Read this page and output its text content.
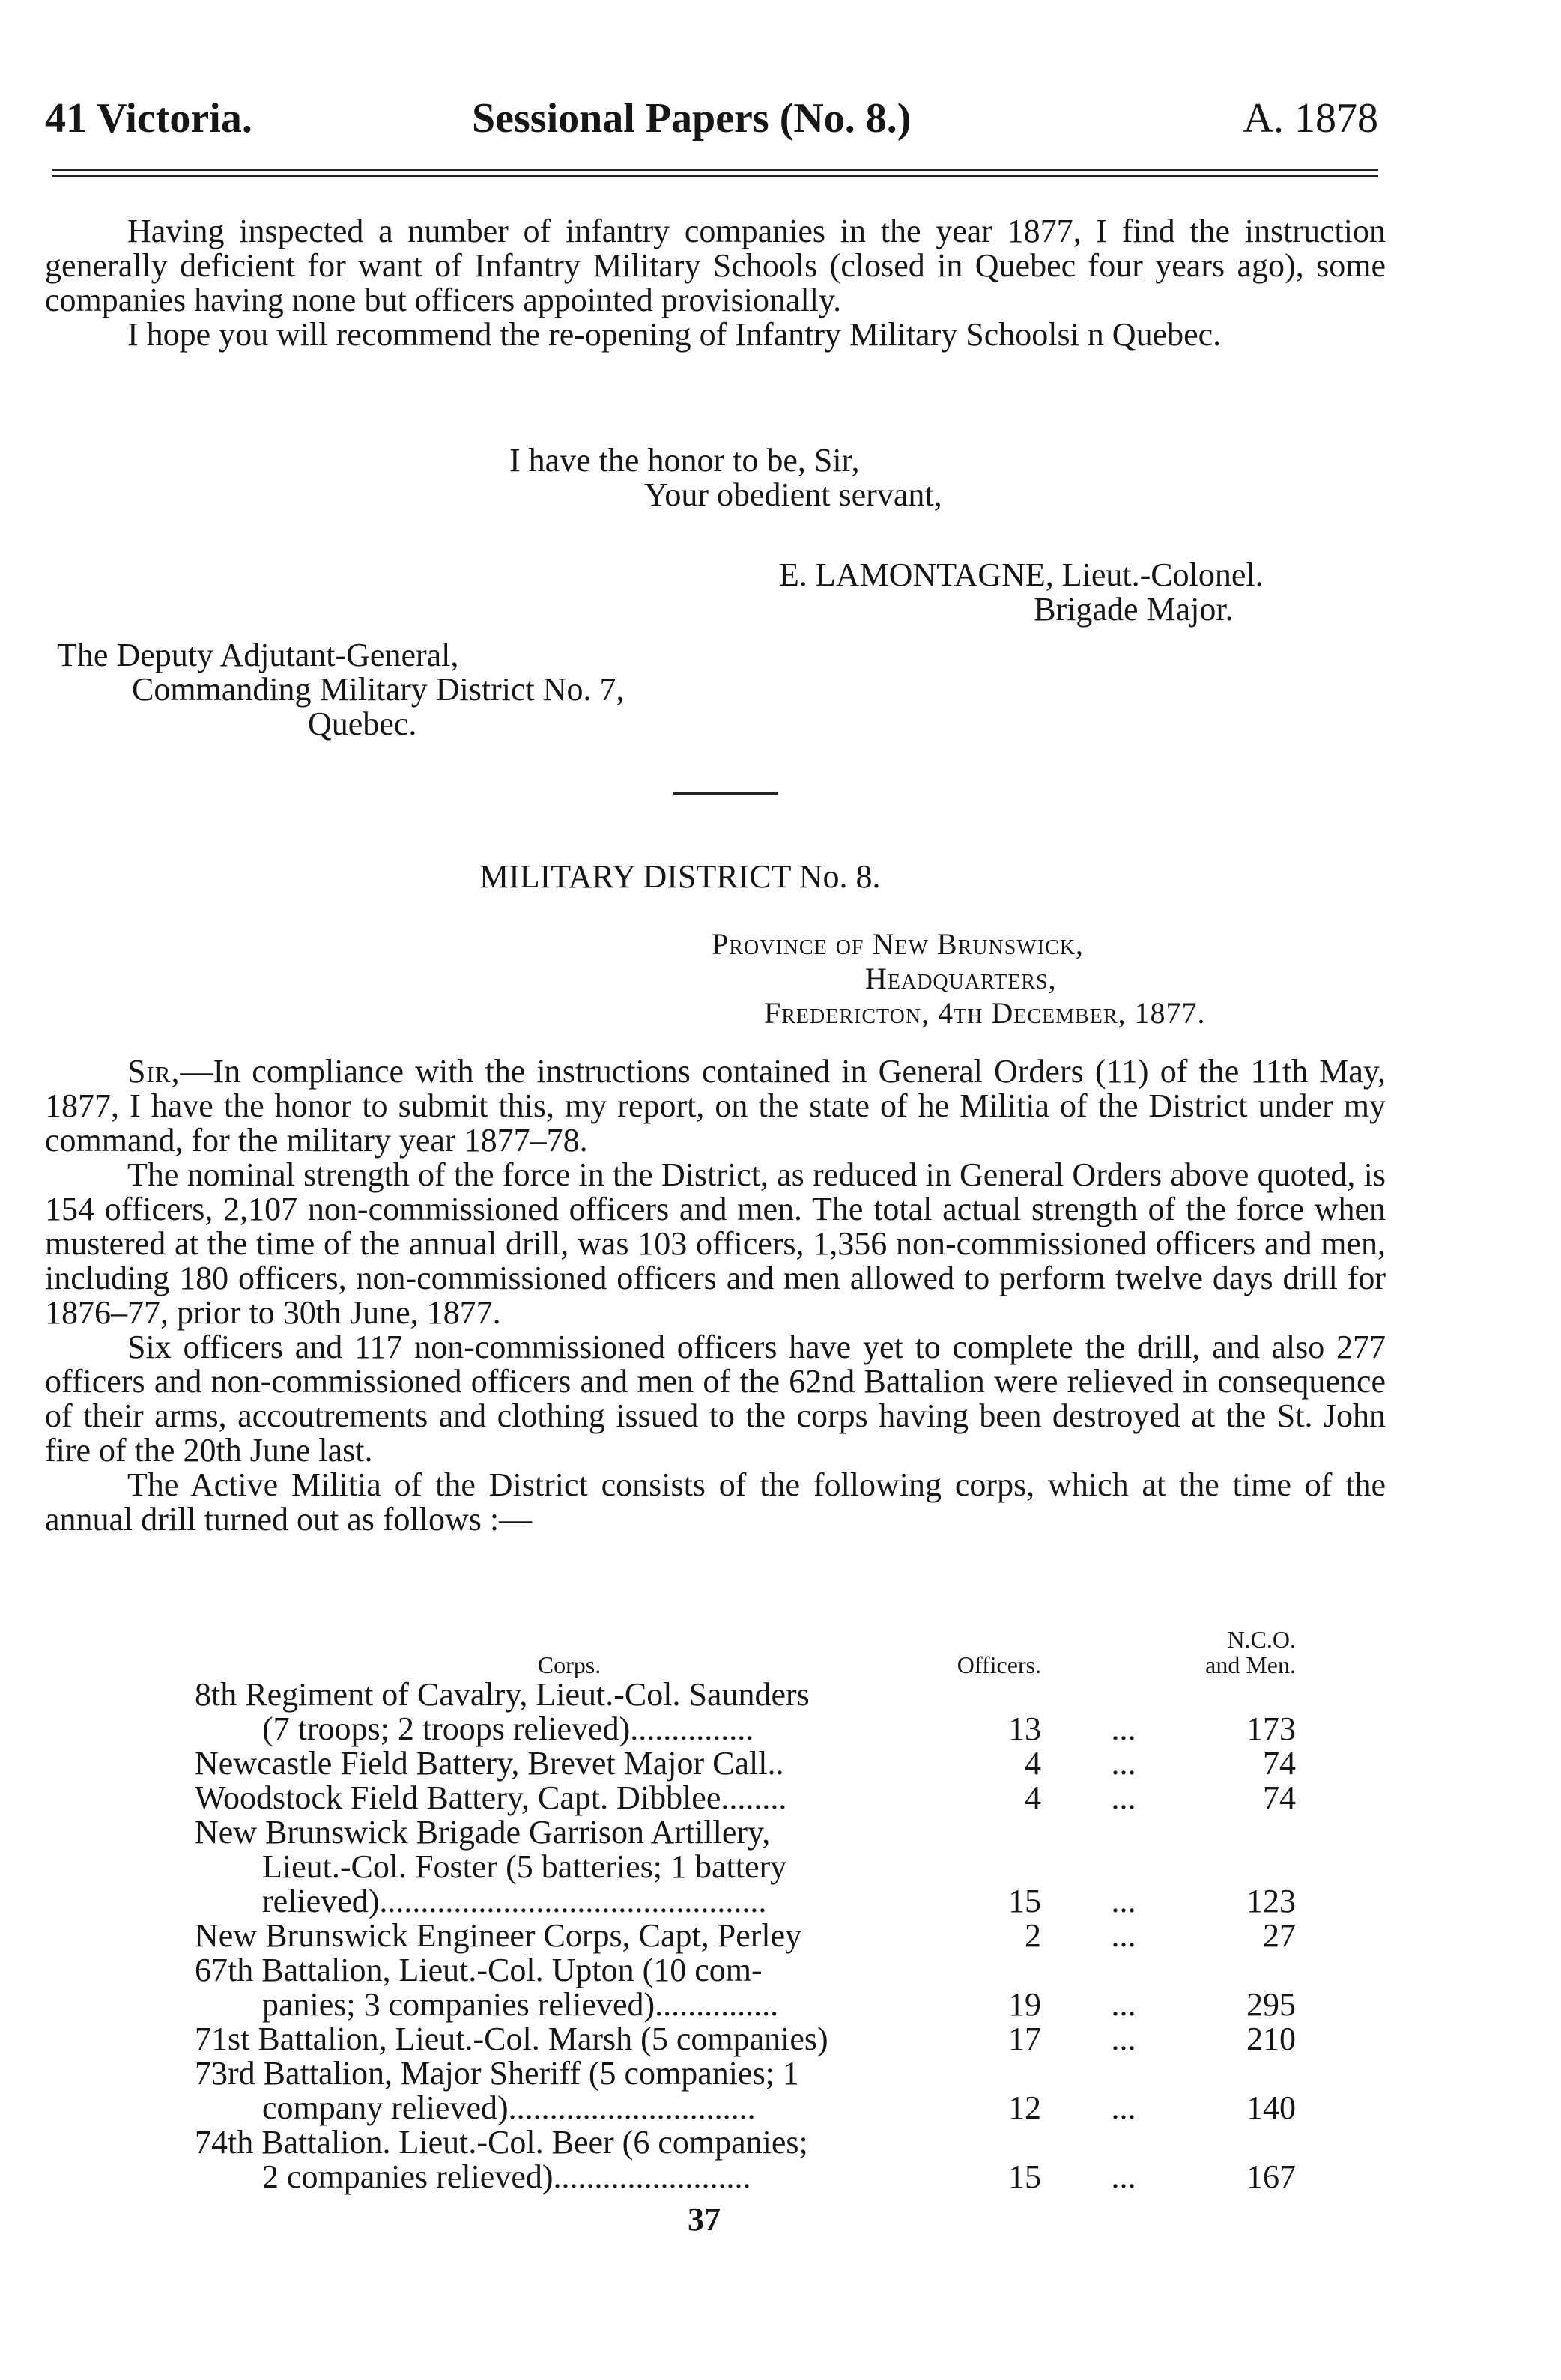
41 Victoria.	Sessional Papers (No. 8.)	A. 1878

Having inspected a number of infantry companies in the year 1877, I find the instruction generally deficient for want of Infantry Military Schools (closed in Quebec four years ago), some companies having none but officers appointed provisionally.

I hope you will recommend the re-opening of Infantry Military Schoolsi n Quebec.

I have the honor to be, Sir,
Your obedient servant,
E. LAMONTAGNE, Lieut.-Colonel.
Brigade Major.
The Deputy Adjutant-General,
Commanding Military District No. 7,
Quebec.
MILITARY DISTRICT No. 8.
Province of New Brunswick,
Headquarters,
Fredericton, 4th December, 1877.

Sir,—In compliance with the instructions contained in General Orders (11) of the 11th May, 1877, I have the honor to submit this, my report, on the state of he Militia of the District under my command, for the military year 1877–78.

The nominal strength of the force in the District, as reduced in General Orders above quoted, is 154 officers, 2,107 non-commissioned officers and men. The total actual strength of the force when mustered at the time of the annual drill, was 103 officers, 1,356 non-commissioned officers and men, including 180 officers, non-commissioned officers and men allowed to perform twelve days drill for 1876–77, prior to 30th June, 1877.

Six officers and 117 non-commissioned officers have yet to complete the drill, and also 277 officers and non-commissioned officers and men of the 62nd Battalion were relieved in consequence of their arms, accoutrements and clothing issued to the corps having been destroyed at the St. John fire of the 20th June last.

The Active Militia of the District consists of the following corps, which at the time of the annual drill turned out as follows :—

Corps.	Officers.		N.C.O.
and Men.

8th Regiment of Cavalry, Lieut.-Col. Saunders
(7 troops; 2 troops relieved)...............	13	...	173

Newcastle Field Battery, Brevet Major Call..	4	...	74

Woodstock Field Battery, Capt. Dibblee........	4	...	74

New Brunswick Brigade Garrison Artillery,
Lieut.-Col. Foster (5 batteries; 1 battery
relieved)...............................................	15	...	123

New Brunswick Engineer Corps, Capt, Perley	2	...	27

67th Battalion, Lieut.-Col. Upton (10 com-
panies; 3 companies relieved)...............	19	...	295

71st Battalion, Lieut.-Col. Marsh (5 companies)	17	...	210

73rd Battalion, Major Sheriff (5 companies; 1
company relieved)..............................	12	...	140

74th Battalion. Lieut.-Col. Beer (6 companies;
2 companies relieved)........................	15	...	167
37
